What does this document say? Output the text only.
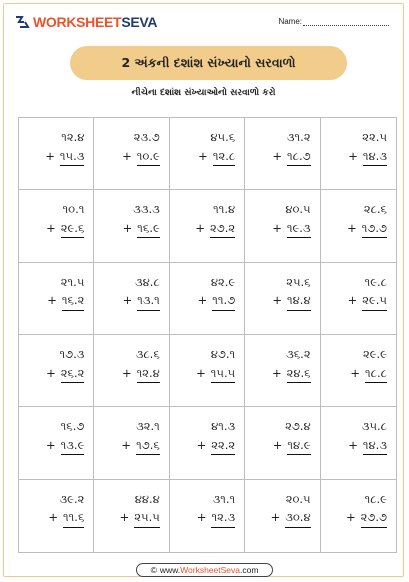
WORKSHEETSEVA	Name:
2 અંકની દશાંશ સંખ્યાનો સરવાળો
નીચેના દશાંશ સંખ્યાઓનો સરવાળો કરો
૧૨.૪
+ ૧૫.૩
૨૩.૭
+ ૧૦.૯
૪૫.૬
+ ૧૨.૮
૩૧.૨
+ ૧૮.૭
૨૨.૫
+ ૧૪.૩
૧૦.૧
+ ૨૯.૬
૩૩.૩
+ ૧૬.૯
૧૧.૪
+ ૨૭.૨
૪૦.૫
+ ૧૯.૩
૨૮.૬
+ ૧૭.૭
૨૧.૫
+ ૧૬.૨
૩૪.૮
+ ૧૩.૧
૪૨.૯
+ ૧૧.૭
૨૫.૬
+ ૧૪.૪
૧૯.૮
+ ૨૯.૫
૧૭.૩
+ ૨૬.૨
૩૮.૬
+ ૧૨.૪
૪૭.૧
+ ૧૫.૫
૩૬.૨
+ ૨૪.૬
૨૯.૯
+ ૧૮.૮
૧૬.૭
+ ૧૩.૯
૩૨.૧
+ ૧૭.૬
૪૧.૩
+ ૨૨.૨
૨૭.૪
+ ૧૪.૯
૩૫.૮
+ ૧૪.૩
૩૯.૨
+ ૧૧.૬
૪૪.૪
+ ૨૫.૫
૩૧.૧
+ ૧૨.૩
૨૦.૫
+ ૩૦.૪
૧૮.૯
+ ૨૭.૭
© www. WorksheetSeva .com
